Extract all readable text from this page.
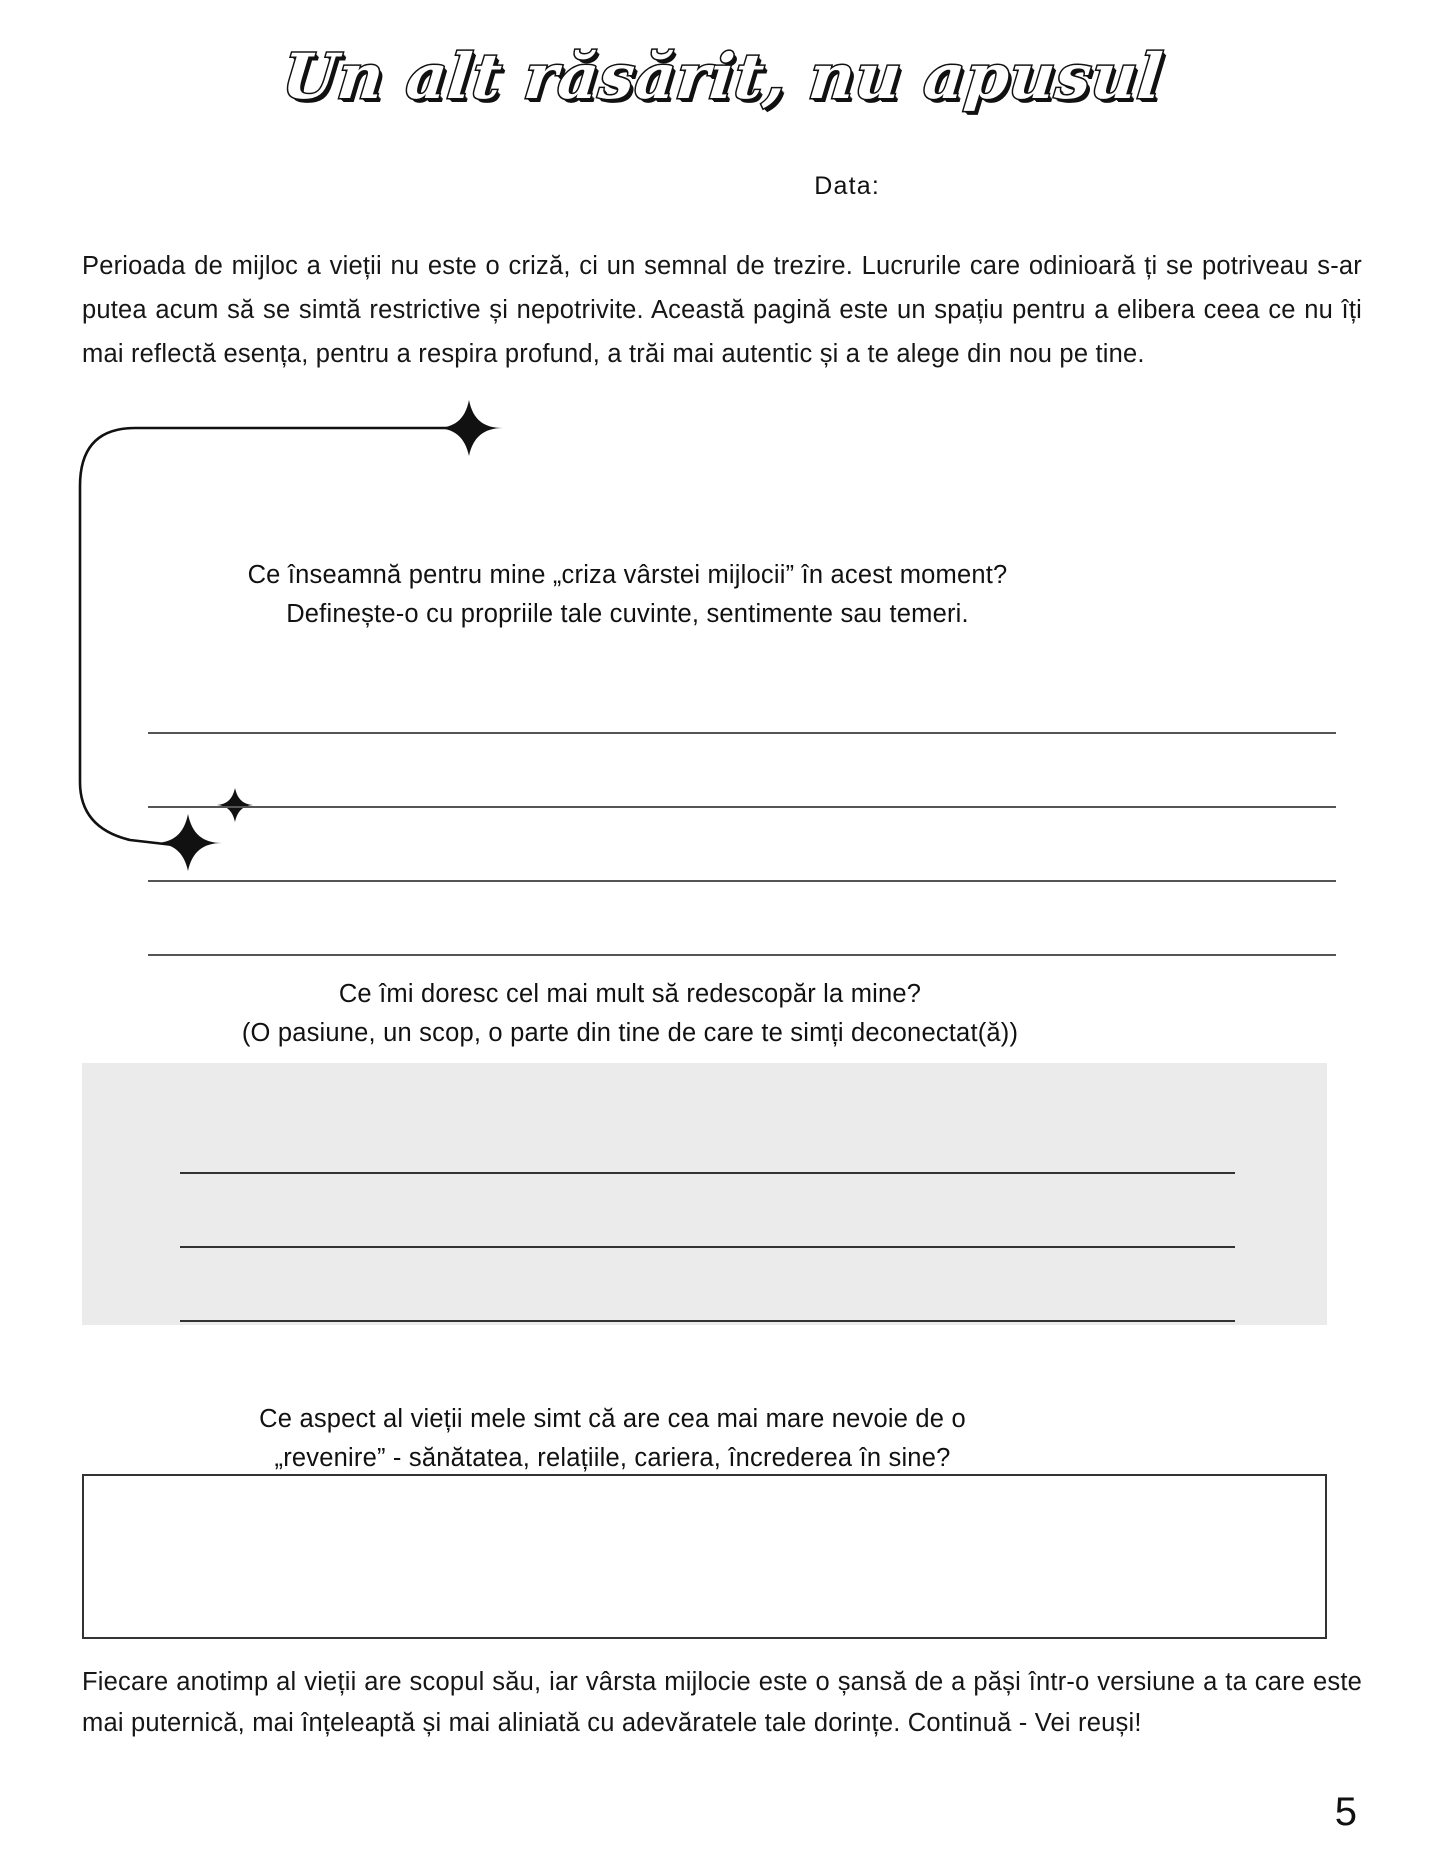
Un alt răsărit, nu apusul
Data:
Perioada de mijloc a vieții nu este o criză, ci un semnal de trezire. Lucrurile care odinioară ți se potriveau s-ar putea acum să se simtă restrictive și nepotrivite. Această pagină este un spațiu pentru a elibera ceea ce nu îți mai reflectă esența, pentru a respira profund, a trăi mai autentic și a te alege din nou pe tine.
Ce înseamnă pentru mine „criza vârstei mijlocii” în acest moment?
Definește-o cu propriile tale cuvinte, sentimente sau temeri.
Ce îmi doresc cel mai mult să redescopăr la mine?
(O pasiune, un scop, o parte din tine de care te simți deconectat(ă))
Ce aspect al vieții mele simt că are cea mai mare nevoie de o
„revenire” - sănătatea, relațiile, cariera, încrederea în sine?
Fiecare anotimp al vieții are scopul său, iar vârsta mijlocie este o șansă de a păși într-o versiune a ta care este mai puternică, mai înțeleaptă și mai aliniată cu adevăratele tale dorințe. Continuă - Vei reuși!
5
